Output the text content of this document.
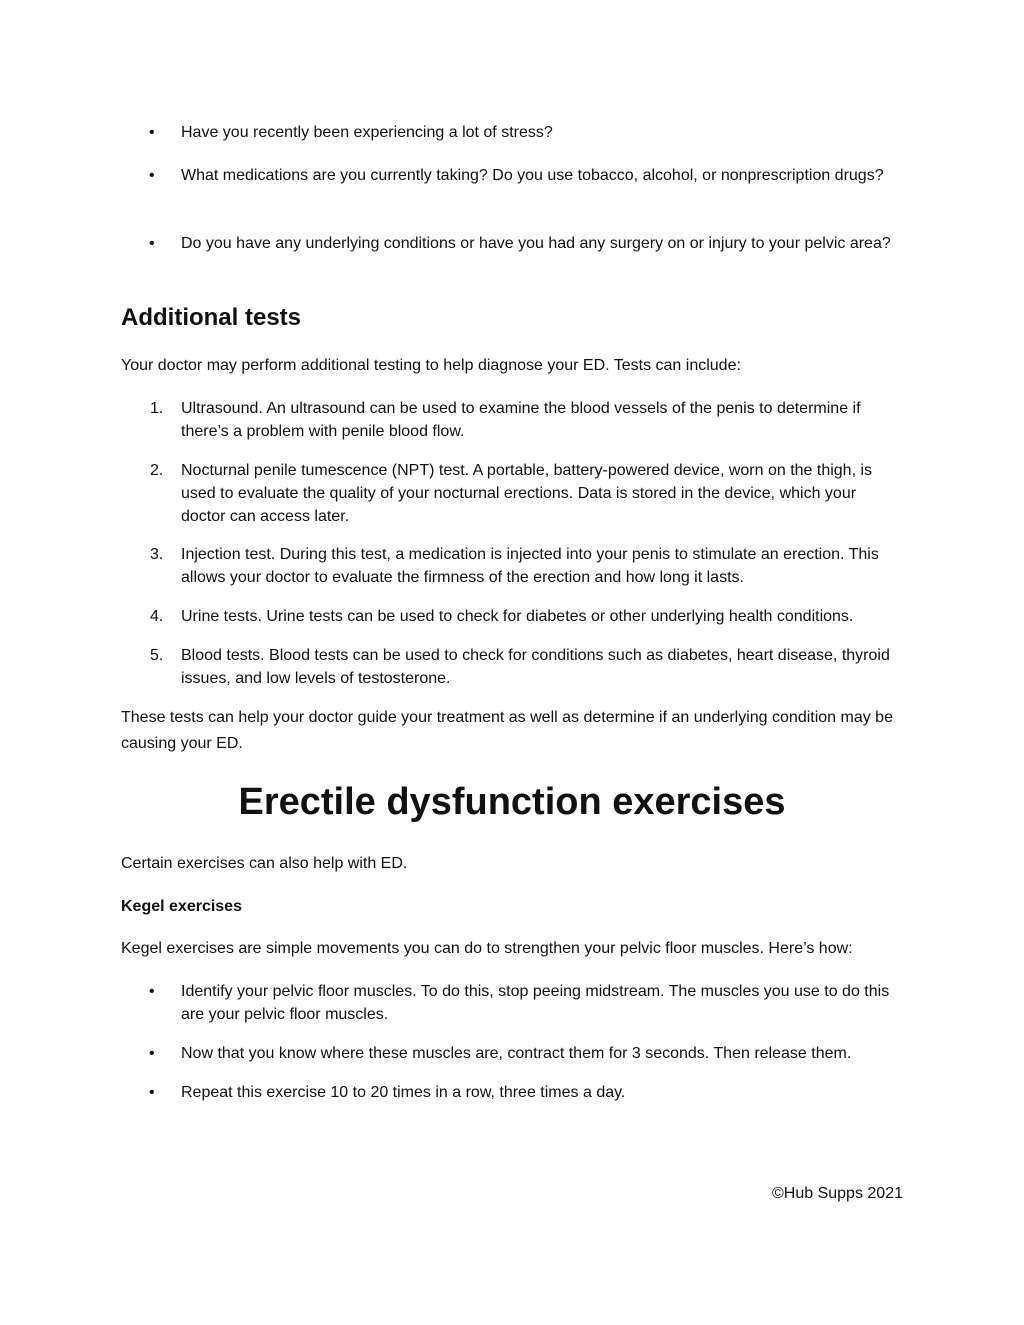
•	Have you recently been experiencing a lot of stress?
•	What medications are you currently taking? Do you use tobacco, alcohol, or nonprescription drugs?
•	Do you have any underlying conditions or have you had any surgery on or injury to your pelvic area?
Additional tests
Your doctor may perform additional testing to help diagnose your ED. Tests can include:
1.	Ultrasound. An ultrasound can be used to examine the blood vessels of the penis to determine if there’s a problem with penile blood flow.
2.	Nocturnal penile tumescence (NPT) test. A portable, battery-powered device, worn on the thigh, is used to evaluate the quality of your nocturnal erections. Data is stored in the device, which your doctor can access later.
3.	Injection test. During this test, a medication is injected into your penis to stimulate an erection. This allows your doctor to evaluate the firmness of the erection and how long it lasts.
4.	Urine tests. Urine tests can be used to check for diabetes or other underlying health conditions.
5.	Blood tests. Blood tests can be used to check for conditions such as diabetes, heart disease, thyroid issues, and low levels of testosterone.
These tests can help your doctor guide your treatment as well as determine if an underlying condition may be causing your ED.
Erectile dysfunction exercises
Certain exercises can also help with ED.
Kegel exercises
Kegel exercises are simple movements you can do to strengthen your pelvic floor muscles. Here’s how:
•	Identify your pelvic floor muscles. To do this, stop peeing midstream. The muscles you use to do this are your pelvic floor muscles.
•	Now that you know where these muscles are, contract them for 3 seconds. Then release them.
•	Repeat this exercise 10 to 20 times in a row, three times a day.
©Hub Supps 2021
